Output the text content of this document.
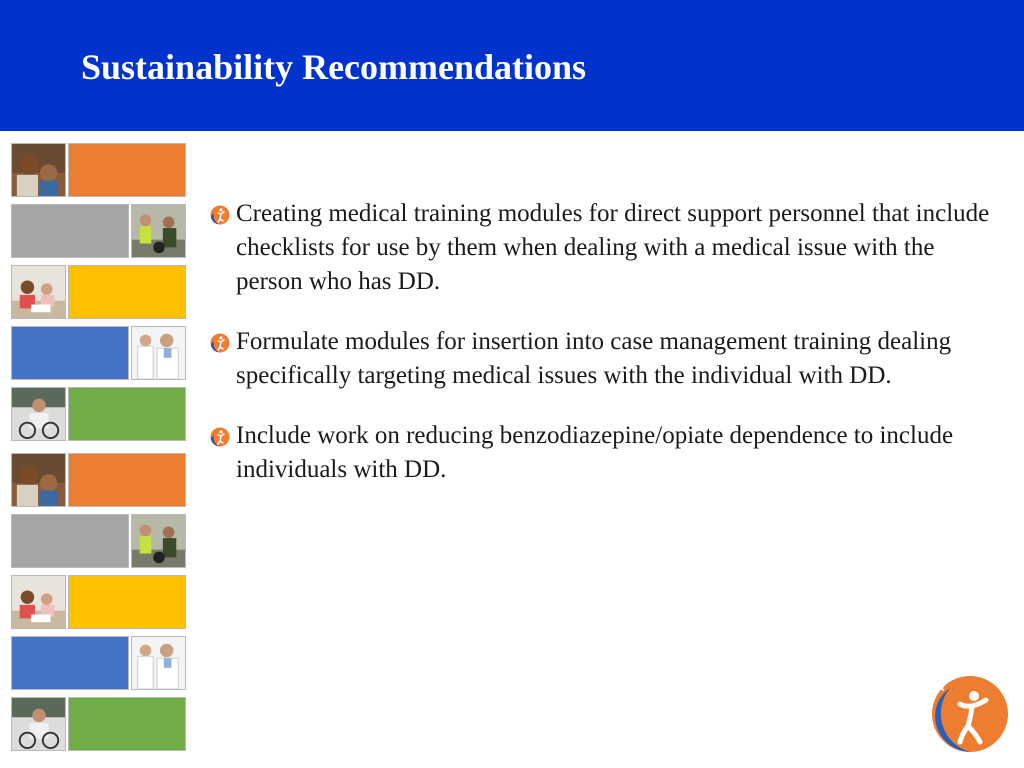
Sustainability Recommendations
Creating medical training modules for direct support personnel that include checklists for use by them when dealing with a medical issue with the person who has DD.
Formulate modules for insertion into case management training dealing specifically targeting medical issues with the individual with DD.
Include work on reducing benzodiazepine/opiate dependence to include individuals with DD.
